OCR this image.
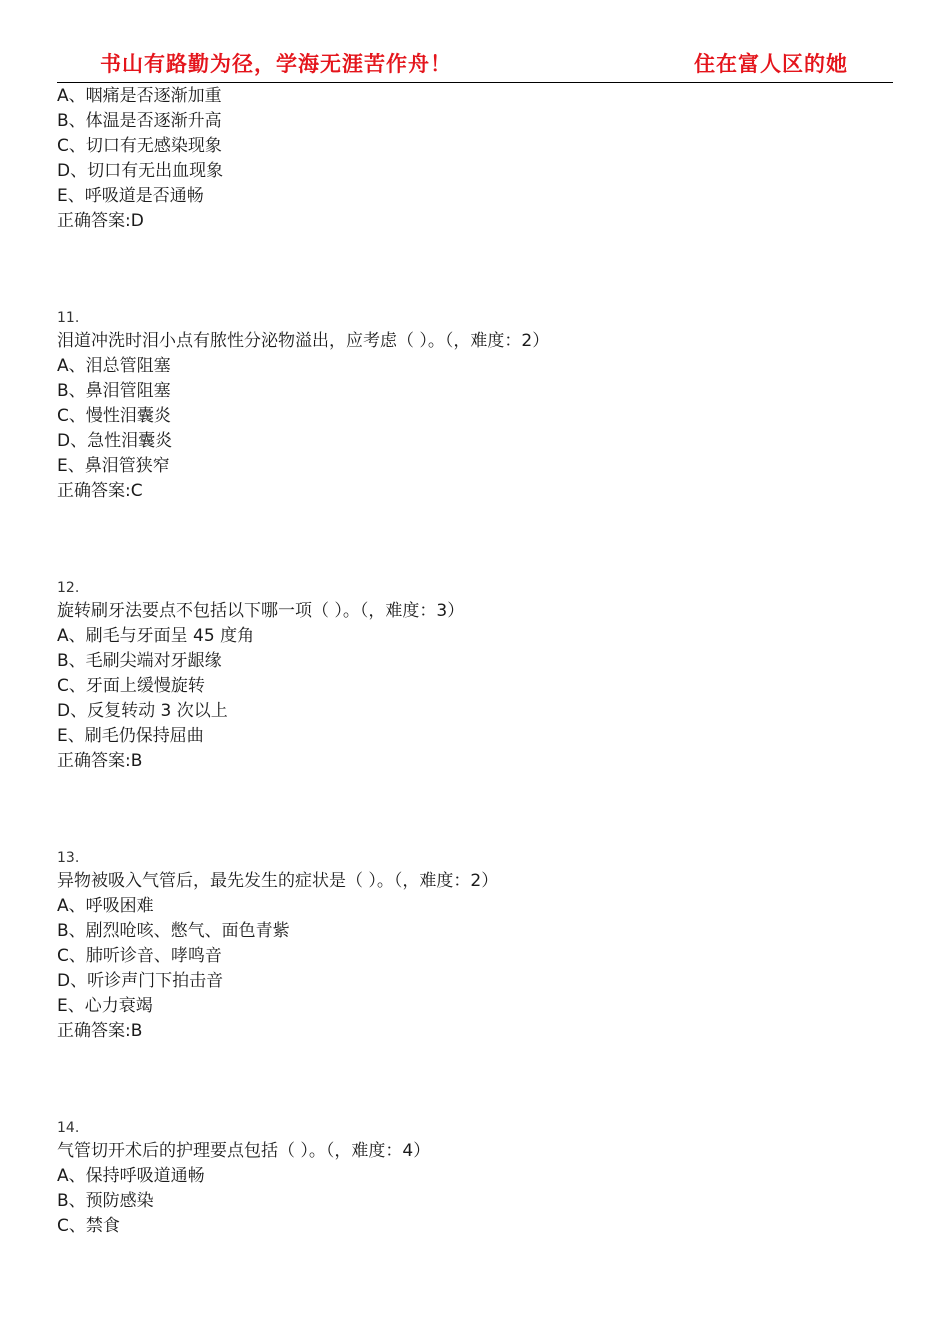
书山有路勤为径，学海无涯苦作舟！	住在富人区的她
A、咽痛是否逐渐加重
B、体温是否逐渐升高
C、切口有无感染现象
D、切口有无出血现象
E、呼吸道是否通畅
正确答案:D
11.
泪道冲洗时泪小点有脓性分泌物溢出，应考虑（ ）。（，难度：2）
A、泪总管阻塞
B、鼻泪管阻塞
C、慢性泪囊炎
D、急性泪囊炎
E、鼻泪管狭窄
正确答案:C
12.
旋转刷牙法要点不包括以下哪一项（ ）。（，难度：3）
A、刷毛与牙面呈 45 度角
B、毛刷尖端对牙龈缘
C、牙面上缓慢旋转
D、反复转动 3 次以上
E、刷毛仍保持屈曲
正确答案:B
13.
异物被吸入气管后，最先发生的症状是（ ）。（，难度：2）
A、呼吸困难
B、剧烈呛咳、憋气、面色青紫
C、肺听诊音、哮鸣音
D、听诊声门下拍击音
E、心力衰竭
正确答案:B
14.
气管切开术后的护理要点包括（ ）。（，难度：4）
A、保持呼吸道通畅
B、预防感染
C、禁食
